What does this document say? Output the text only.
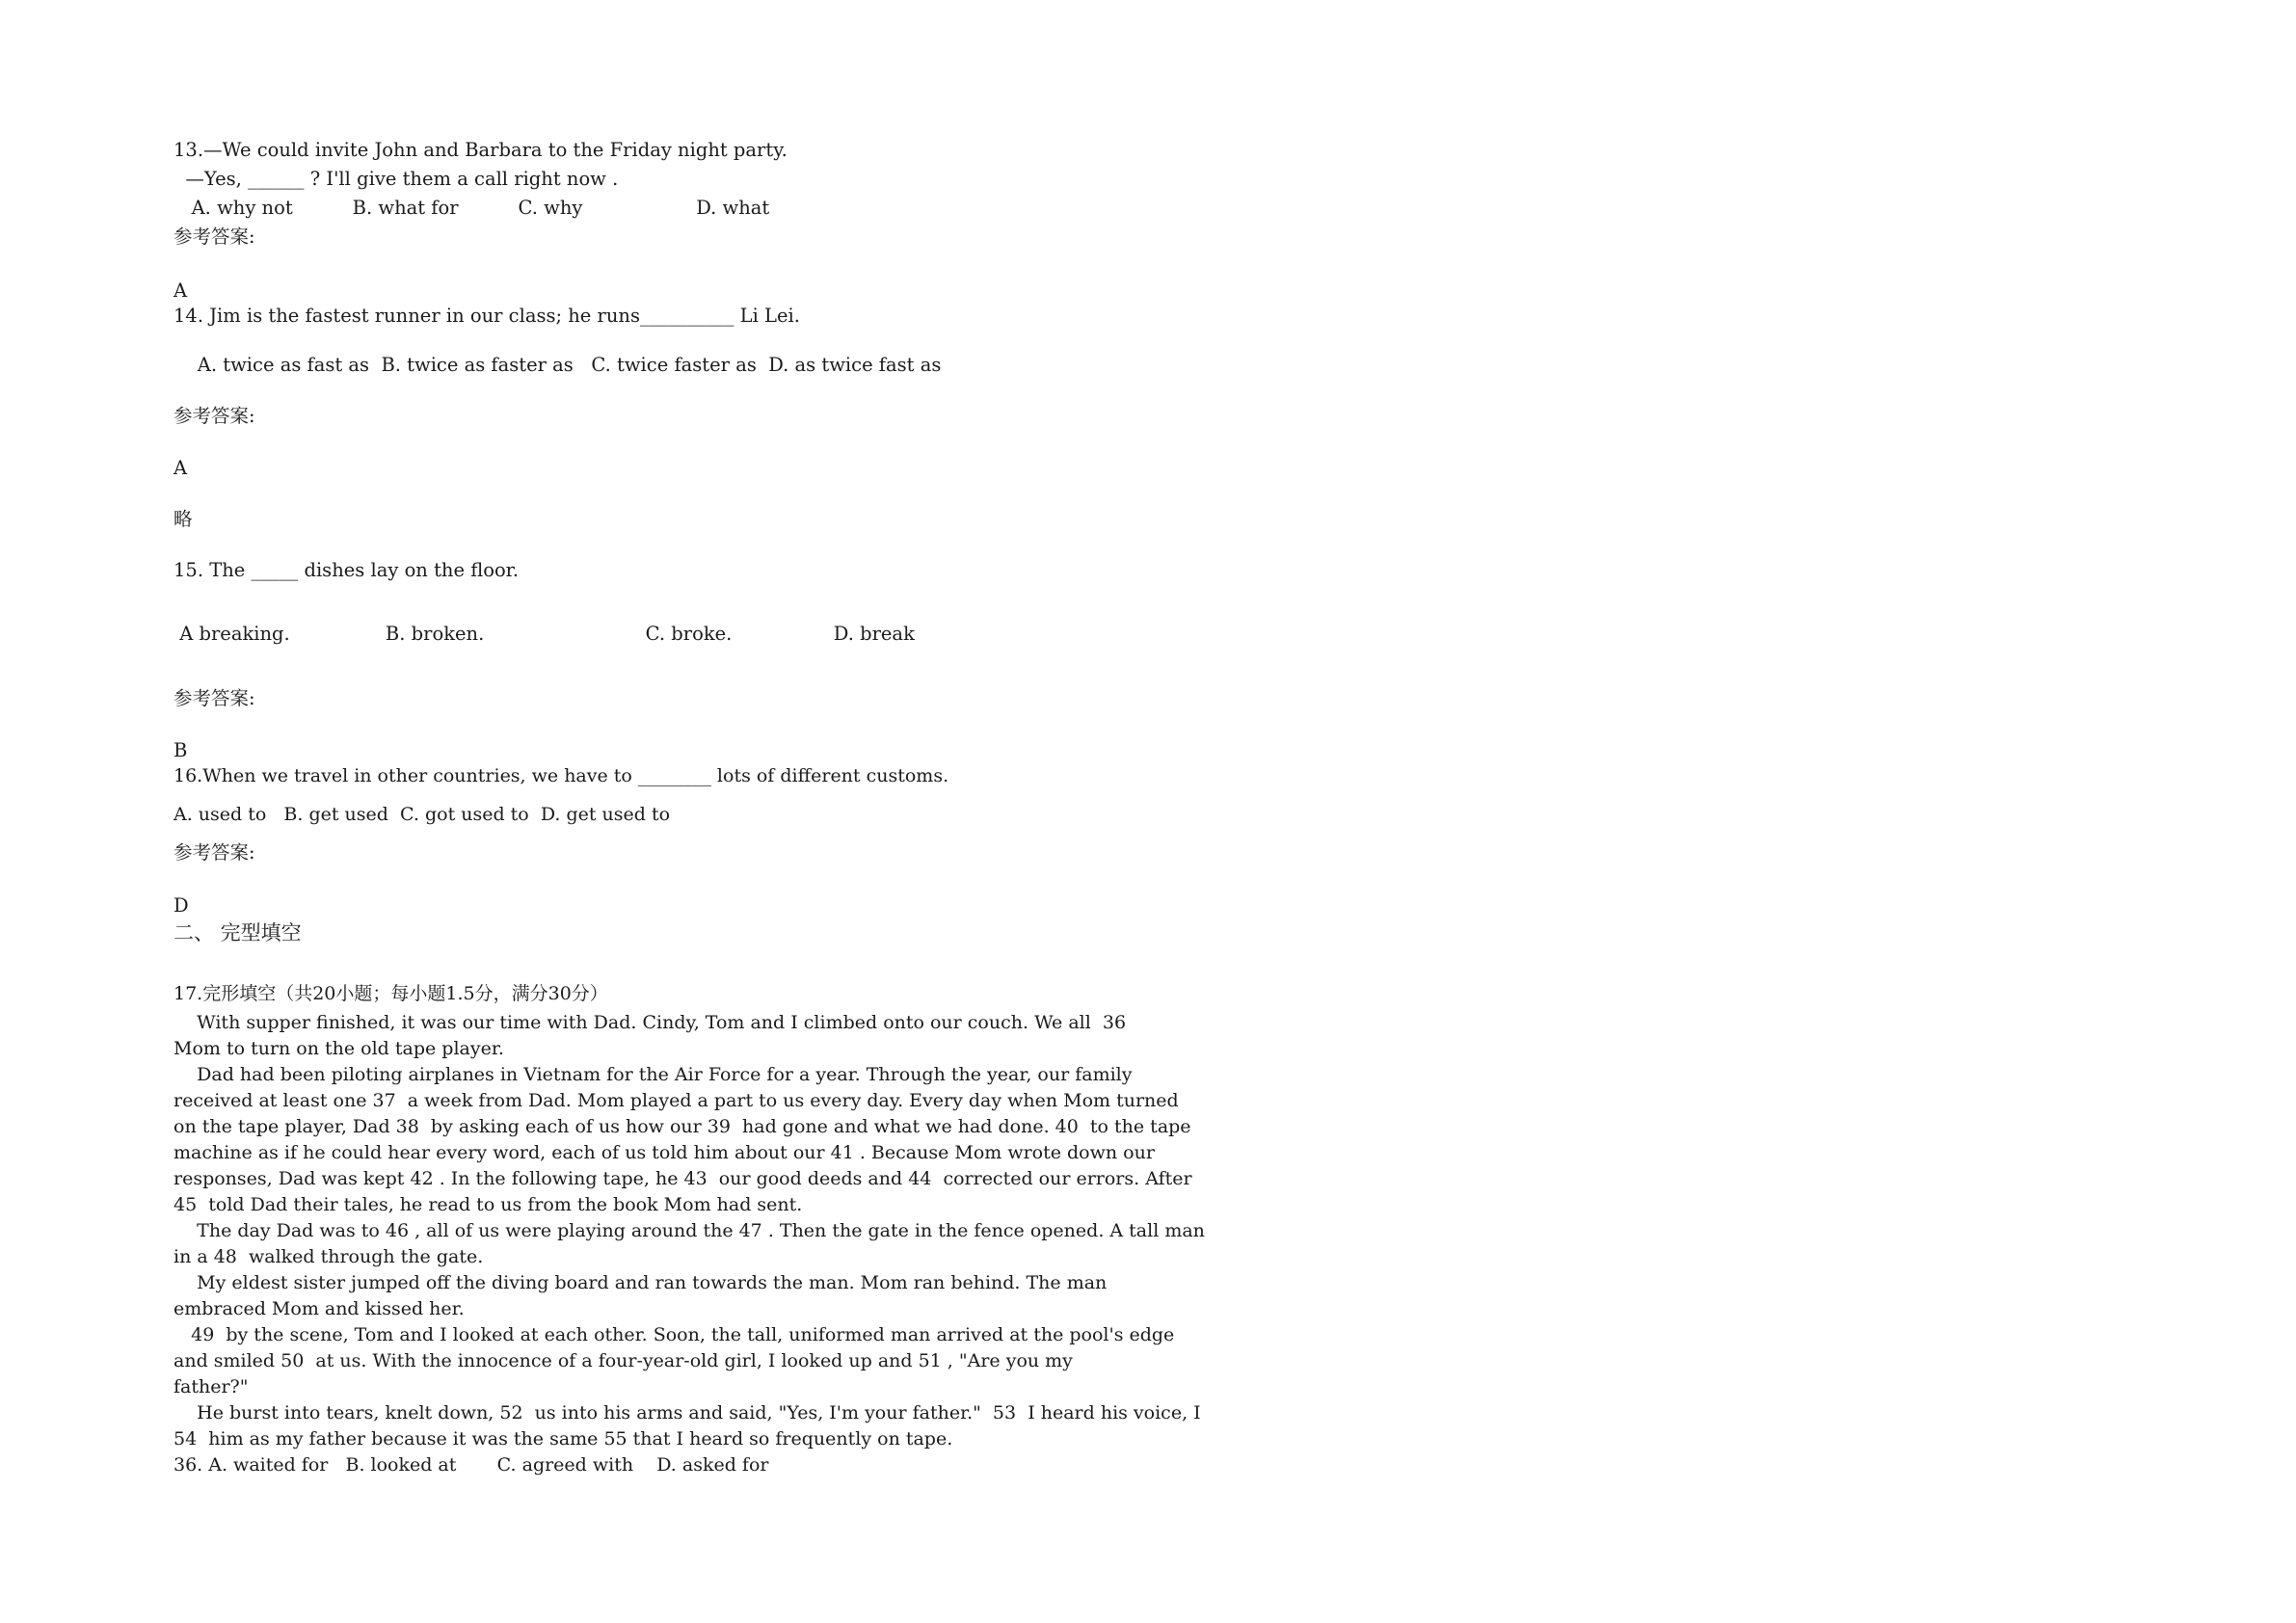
13.—We could invite John and Barbara to the Friday night party.
—Yes, ______ ? I'll give them a call right now .
A. why not          B. what for          C. why                   D. what
参考答案:
A
14. Jim is the fastest runner in our class; he runs__________ Li Lei.
A. twice as fast as  B. twice as faster as   C. twice faster as  D. as twice fast as
参考答案:
A
略
15. The _____ dishes lay on the floor.
A breaking.                B. broken.                           C. broke.                 D. break
参考答案:
B
16.When we travel in other countries, we have to ________ lots of different customs.
A. used to   B. get used  C. got used to  D. get used to
参考答案:
D
二、 完型填空
17.完形填空（共20小题；每小题1.5分，满分30分）
With supper finished, it was our time with Dad. Cindy, Tom and I climbed onto our couch. We all  36
Mom to turn on the old tape player.
Dad had been piloting airplanes in Vietnam for the Air Force for a year. Through the year, our family
received at least one 37  a week from Dad. Mom played a part to us every day. Every day when Mom turned
on the tape player, Dad 38  by asking each of us how our 39  had gone and what we had done. 40  to the tape
machine as if he could hear every word, each of us told him about our 41 . Because Mom wrote down our
responses, Dad was kept 42 . In the following tape, he 43  our good deeds and 44  corrected our errors. After
45  told Dad their tales, he read to us from the book Mom had sent.
The day Dad was to 46 , all of us were playing around the 47 . Then the gate in the fence opened. A tall man
in a 48  walked through the gate.
My eldest sister jumped off the diving board and ran towards the man. Mom ran behind. The man
embraced Mom and kissed her.
49  by the scene, Tom and I looked at each other. Soon, the tall, uniformed man arrived at the pool's edge
and smiled 50  at us. With the innocence of a four-year-old girl, I looked up and 51 , "Are you my
father?"
He burst into tears, knelt down, 52  us into his arms and said, "Yes, I'm your father."  53  I heard his voice, I
54  him as my father because it was the same 55 that I heard so frequently on tape.
36. A. waited for   B. looked at       C. agreed with    D. asked for
